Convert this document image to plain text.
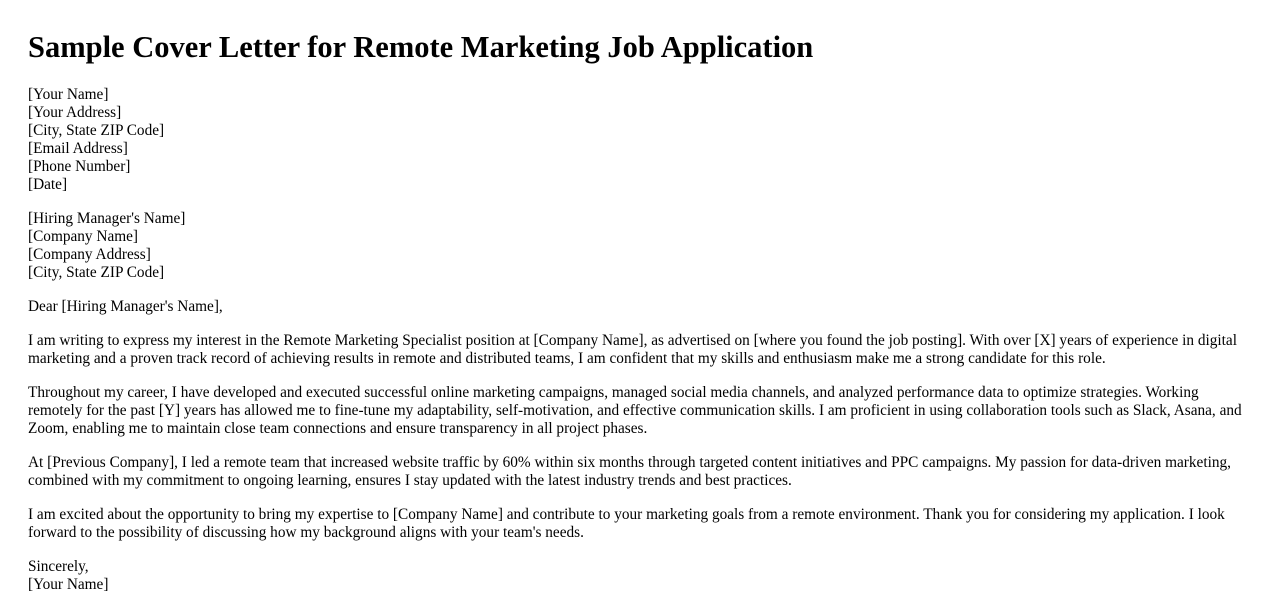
Sample Cover Letter for Remote Marketing Job Application
[Your Name]
[Your Address]
[City, State ZIP Code]
[Email Address]
[Phone Number]
[Date]
[Hiring Manager's Name]
[Company Name]
[Company Address]
[City, State ZIP Code]

Dear [Hiring Manager's Name],

I am writing to express my interest in the Remote Marketing Specialist position at [Company Name], as advertised on [where you found the job posting]. With over [X] years of experience in digital marketing and a proven track record of achieving results in remote and distributed teams, I am confident that my skills and enthusiasm make me a strong candidate for this role.

Throughout my career, I have developed and executed successful online marketing campaigns, managed social media channels, and analyzed performance data to optimize strategies. Working remotely for the past [Y] years has allowed me to fine-tune my adaptability, self-motivation, and effective communication skills. I am proficient in using collaboration tools such as Slack, Asana, and Zoom, enabling me to maintain close team connections and ensure transparency in all project phases.

At [Previous Company], I led a remote team that increased website traffic by 60% within six months through targeted content initiatives and PPC campaigns. My passion for data-driven marketing, combined with my commitment to ongoing learning, ensures I stay updated with the latest industry trends and best practices.

I am excited about the opportunity to bring my expertise to [Company Name] and contribute to your marketing goals from a remote environment. Thank you for considering my application. I look forward to the possibility of discussing how my background aligns with your team's needs.

Sincerely,
[Your Name]
